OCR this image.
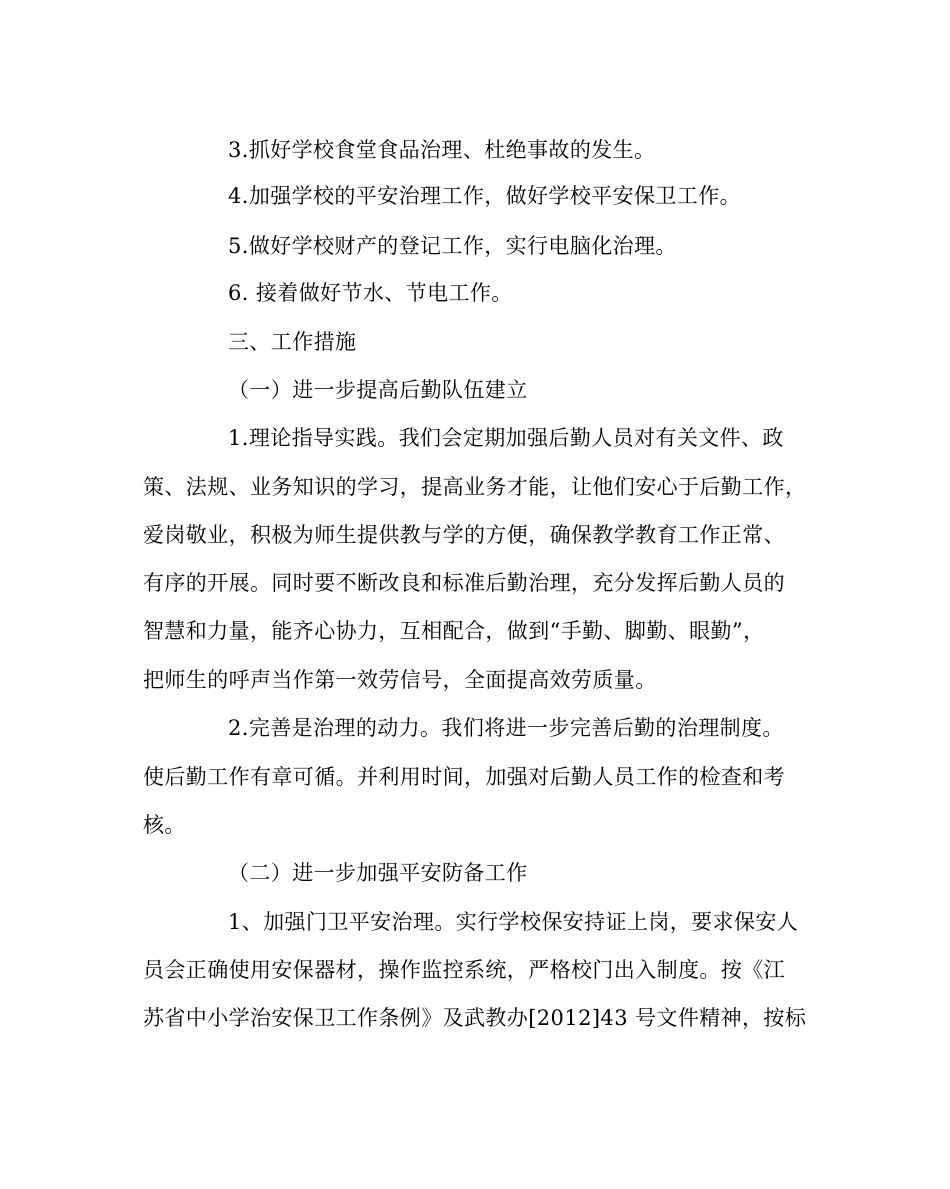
3.抓好学校食堂食品治理、杜绝事故的发生。
4.加强学校的平安治理工作，做好学校平安保卫工作。
5.做好学校财产的登记工作，实行电脑化治理。
6. 接着做好节水、节电工作。
三、工作措施
（一）进一步提高后勤队伍建立
1.理论指导实践。我们会定期加强后勤人员对有关文件、政
策、法规、业务知识的学习，提高业务才能，让他们安心于后勤工作，
爱岗敬业，积极为师生提供教与学的方便，确保教学教育工作正常、
有序的开展。同时要不断改良和标准后勤治理，充分发挥后勤人员的
智慧和力量，能齐心协力，互相配合，做到“手勤、脚勤、眼勤”，
把师生的呼声当作第一效劳信号，全面提高效劳质量。
2.完善是治理的动力。我们将进一步完善后勤的治理制度。
使后勤工作有章可循。并利用时间，加强对后勤人员工作的检查和考
核。
（二）进一步加强平安防备工作
1、加强门卫平安治理。实行学校保安持证上岗，要求保安人
员会正确使用安保器材，操作监控系统，严格校门出入制度。按《江
苏省中小学治安保卫工作条例》及武教办[2012]43 号文件精神，按标
